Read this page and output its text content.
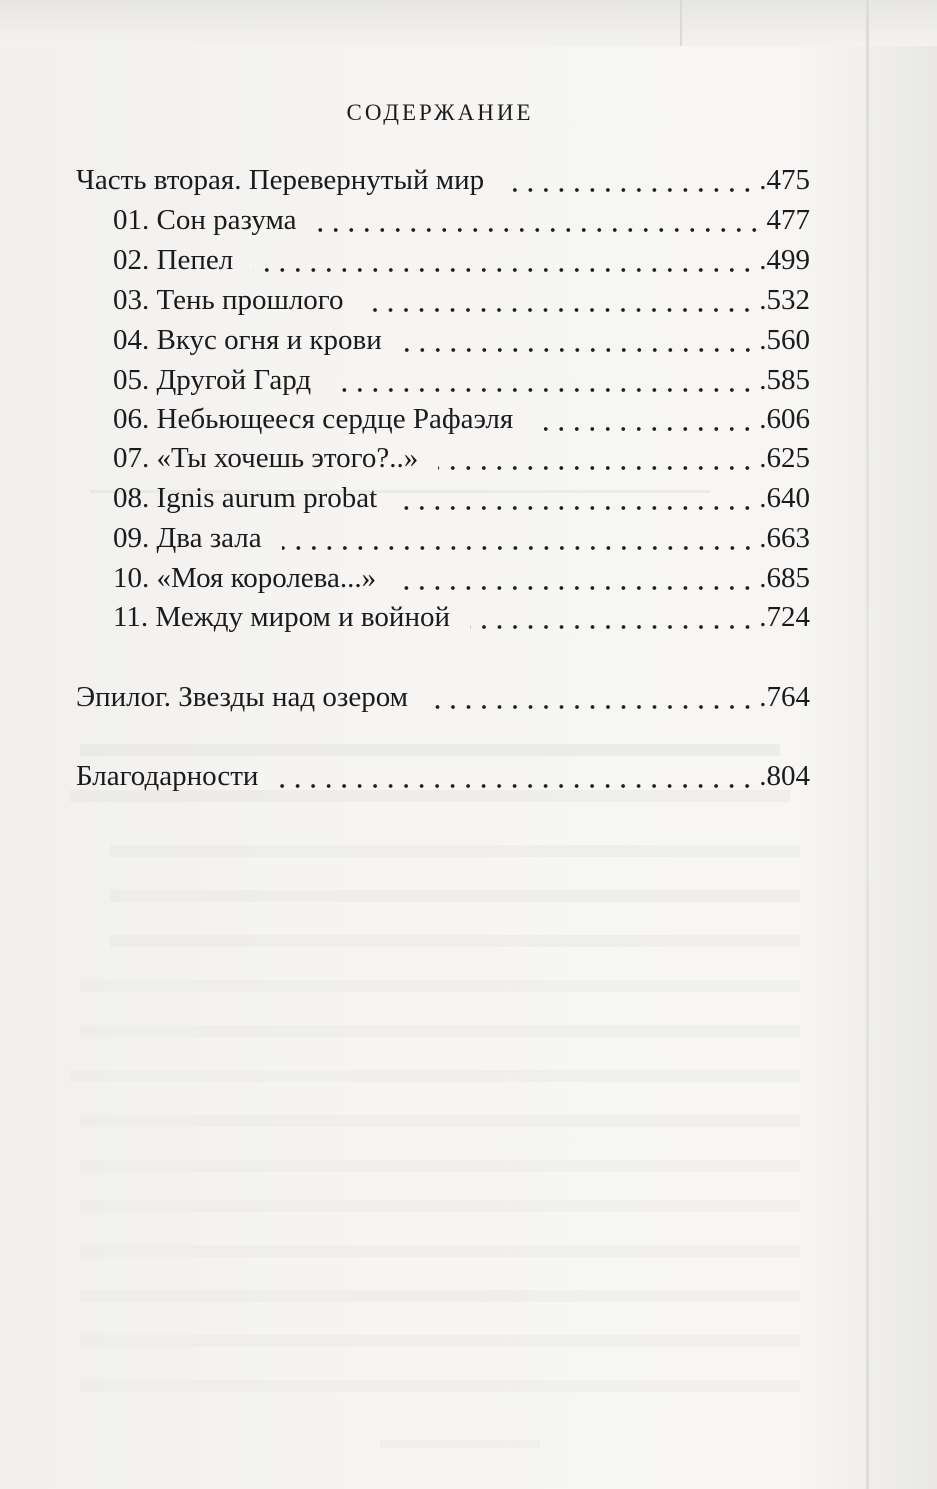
СОДЕРЖАНИЕ
Часть вторая. Перевернутый мир	.475
01. Сон разума	477
02. Пепел	.499
03. Тень прошлого	.532
04. Вкус огня и крови	.560
05. Другой Гард	.585
06. Небьющееся сердце Рафаэля	.606
07. «Ты хочешь этого?..»	.625
08. Ignis aurum probat	.640
09. Два зала	.663
10. «Моя королева...»	.685
11. Между миром и войной	.724
Эпилог. Звезды над озером	.764
Благодарности	.804
